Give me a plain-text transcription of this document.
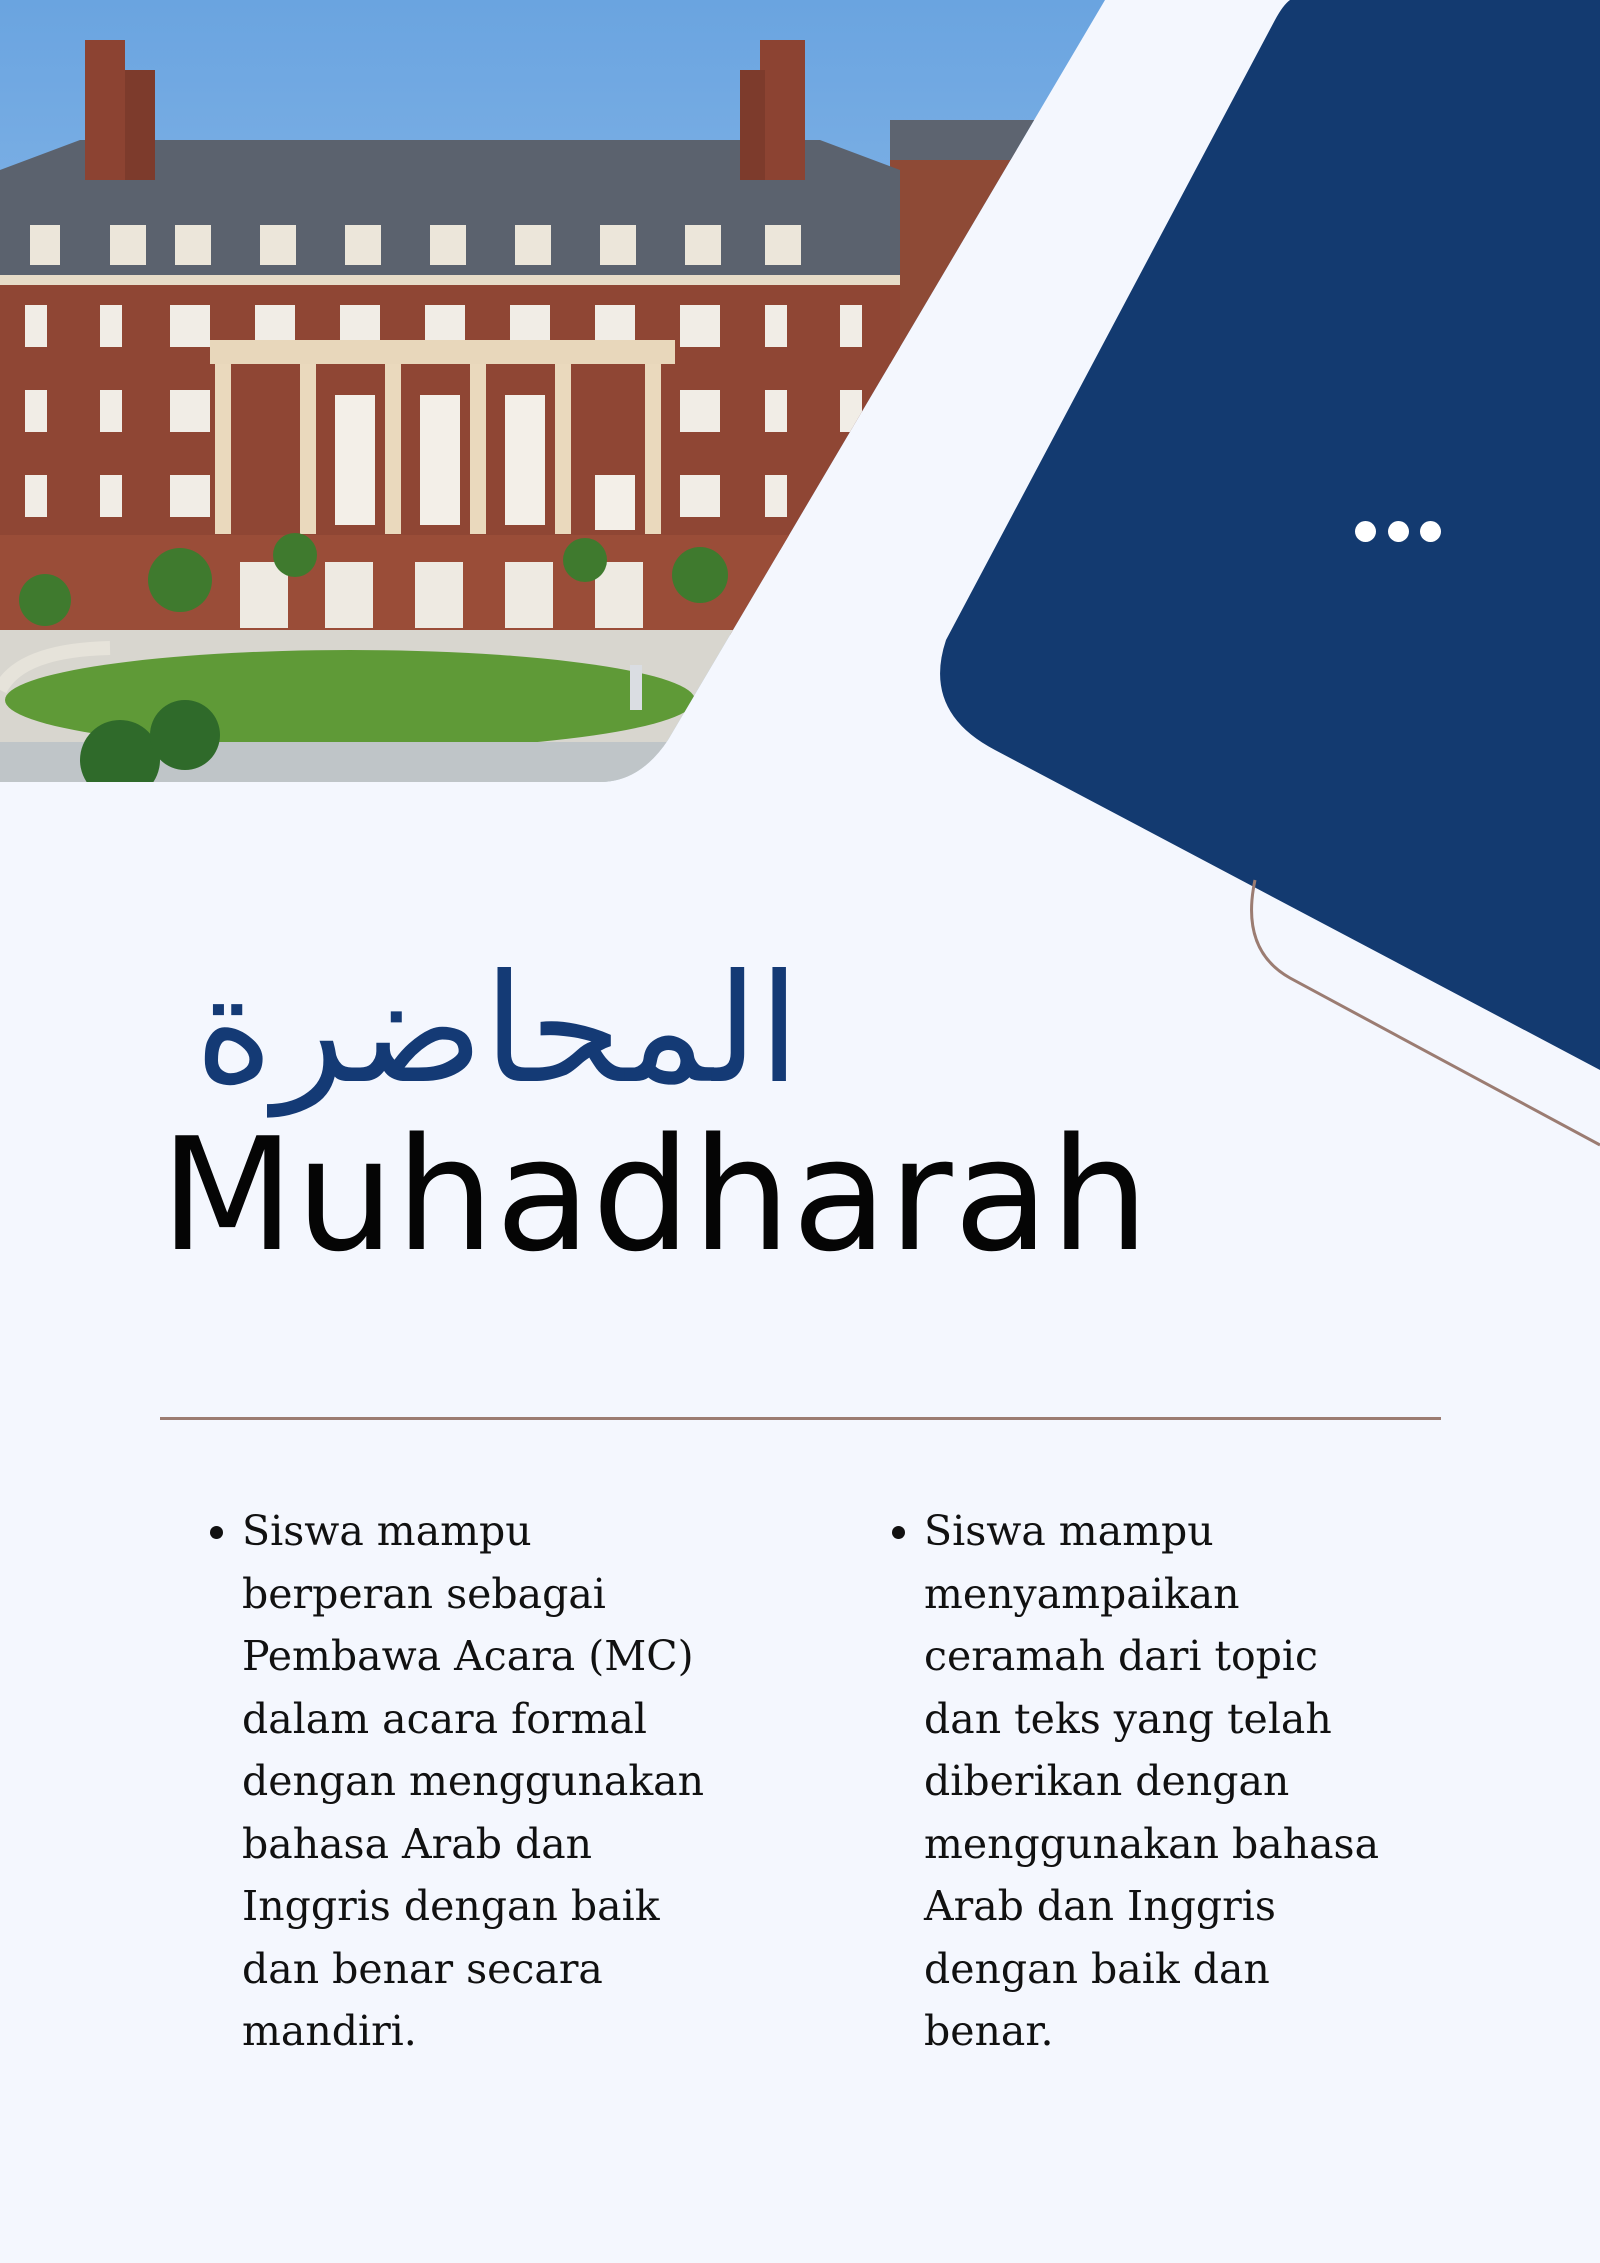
المحاضرة
Muhadharah
• Siswa mampu berperan sebagai Pembawa Acara (MC) dalam acara formal dengan menggunakan bahasa Arab dan Inggris dengan baik dan benar secara mandiri.
• Siswa mampu menyampaikan ceramah dari topic dan teks yang telah diberikan dengan menggunakan bahasa Arab dan Inggris dengan baik dan benar.
